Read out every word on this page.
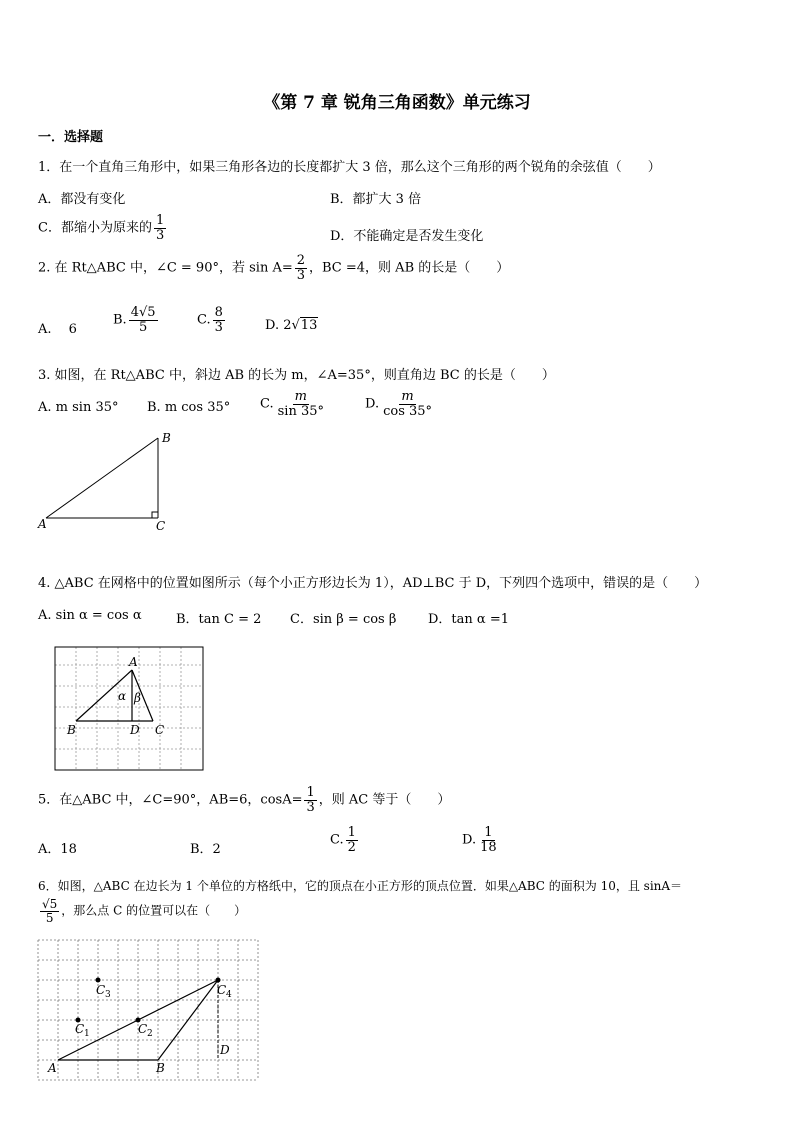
《第 7 章 锐角三角函数》单元练习
一．选择题
1．在一个直角三角形中，如果三角形各边的长度都扩大 3 倍，那么这个三角形的两个锐角的余弦值（　　）
A．都没有变化	B．都扩大 3 倍
C．都缩小为原来的 $\frac{1}{3}$	D．不能确定是否发生变化
2. 在 Rt△ABC 中，∠C = 90°，若 $\sin A= \frac{2}{3}$ ，BC =4，则 AB 的长是（　　）
A.　 6
B. $\frac{4√5}{5}$	C. $\frac{8}{3}$	D. 2√13
3. 如图，在 Rt△ABC 中，斜边 AB 的长为 m，∠A=35°，则直角边 BC 的长是（　　）
A. m sin 35° B. m cos 35° C. $\frac{m}{\sin 35^\circ}$	D. $\frac{m}{\cos 35^\circ}$
A
B
C
4. △ABC 在网格中的位置如图所示（每个小正方形边长为 1），AD⊥BC 于 D，下列四个选项中，错误的是（　　）
A. sin α = cos α	B．tan C = 2 C．sin β = cos β D．tan α =1
A
B	C
D
α β
5．在△ABC 中，∠C=90°，AB=6，$\cos A= \frac{1}{3}$ ，则 AC 等于（　　）
A．18	B．2
C. $\frac{1}{2}$	D. $\frac{1}{18}$
6．如图，△ABC 在边长为 1 个单位的方格纸中，它的顶点在小正方形的顶点位置．如果△ABC 的面积为 10，且 sinA＝
$\frac{√5}{5}$ ，那么点 C 的位置可以在（　　）
A	B
D
C 1	C 2
C 3	C 4
